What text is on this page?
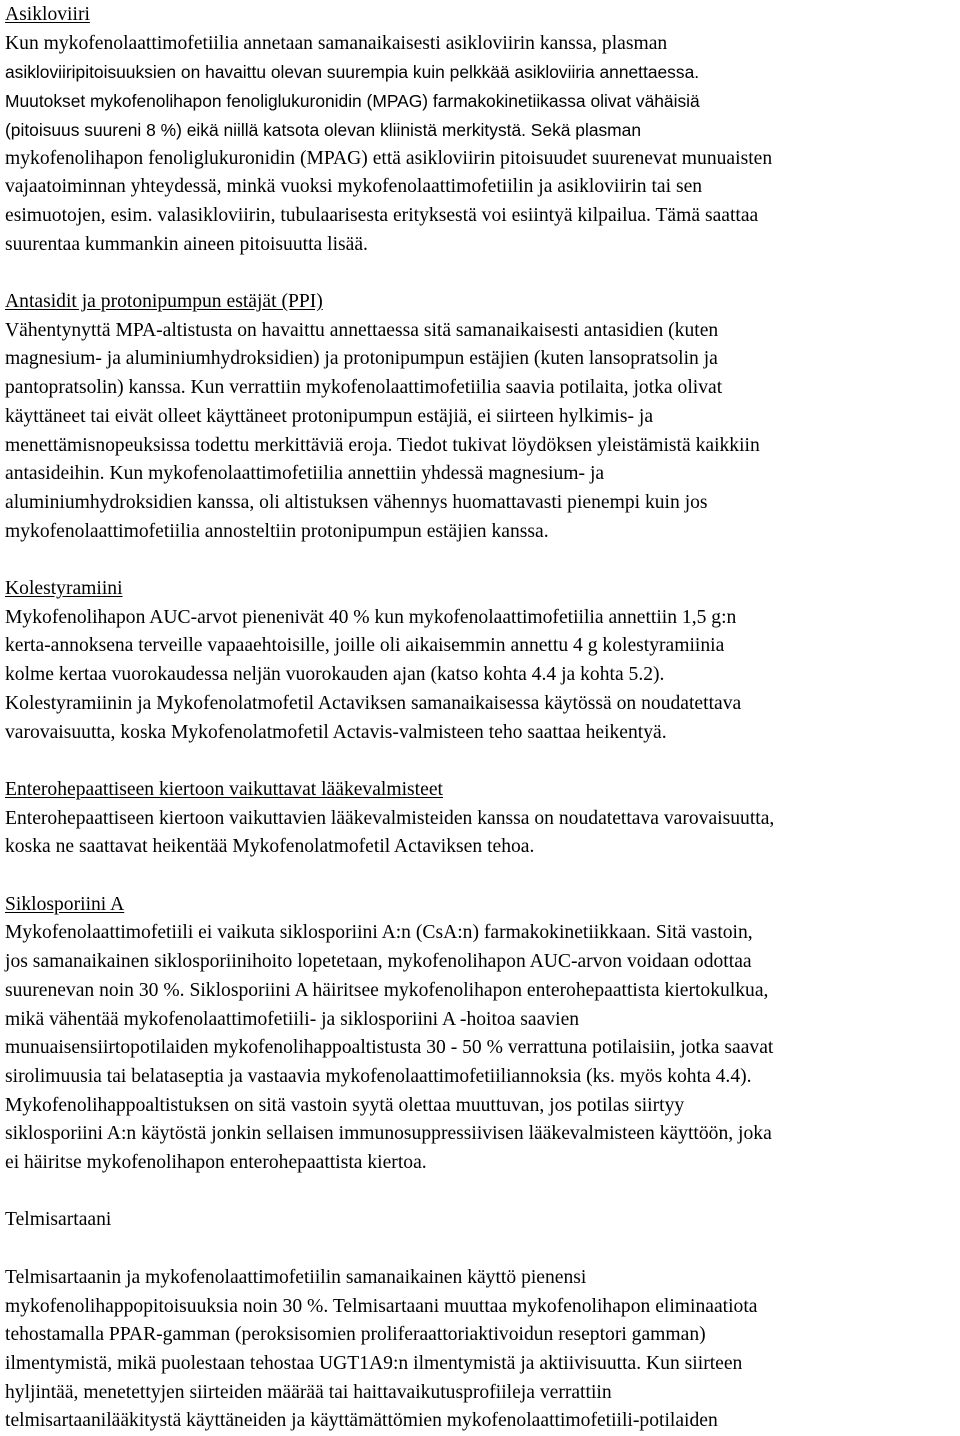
Asikloviiri
Kun mykofenolaattimofetiilia annetaan samanaikaisesti asikloviirin kanssa, plasman
asikloviiripitoisuuksien on havaittu olevan suurempia kuin pelkkää asikloviiria annettaessa.
Muutokset mykofenolihapon fenoliglukuronidin (MPAG) farmakokinetiikassa olivat vähäisiä
(pitoisuus suureni 8 %) eikä niillä katsota olevan kliinistä merkitystä. Sekä plasman
mykofenolihapon fenoliglukuronidin (MPAG) että asikloviirin pitoisuudet suurenevat munuaisten
vajaatoiminnan yhteydessä, minkä vuoksi mykofenolaattimofetiilin ja asikloviirin tai sen
esimuotojen, esim. valasikloviirin, tubulaarisesta erityksestä voi esiintyä kilpailua. Tämä saattaa
suurentaa kummankin aineen pitoisuutta lisää.
Antasidit ja protonipumpun estäjät (PPI)
Vähentynyttä MPA-altistusta on havaittu annettaessa sitä samanaikaisesti antasidien (kuten
magnesium- ja aluminiumhydroksidien) ja protonipumpun estäjien (kuten lansopratsolin ja
pantopratsolin) kanssa. Kun verrattiin mykofenolaattimofetiilia saavia potilaita, jotka olivat
käyttäneet tai eivät olleet käyttäneet protonipumpun estäjiä, ei siirteen hylkimis- ja
menettämisnopeuksissa todettu merkittäviä eroja. Tiedot tukivat löydöksen yleistämistä kaikkiin
antasideihin. Kun mykofenolaattimofetiilia annettiin yhdessä magnesium- ja
aluminiumhydroksidien kanssa, oli altistuksen vähennys huomattavasti pienempi kuin jos
mykofenolaattimofetiilia annosteltiin protonipumpun estäjien kanssa.
Kolestyramiini
Mykofenolihapon AUC-arvot pienenivät 40 % kun mykofenolaattimofetiilia annettiin 1,5 g:n
kerta-annoksena terveille vapaaehtoisille, joille oli aikaisemmin annettu 4 g kolestyramiinia
kolme kertaa vuorokaudessa neljän vuorokauden ajan (katso kohta 4.4 ja kohta 5.2).
Kolestyramiinin ja Mykofenolatmofetil Actaviksen samanaikaisessa käytössä on noudatettava
varovaisuutta, koska Mykofenolatmofetil Actavis-valmisteen teho saattaa heikentyä.
Enterohepaattiseen kiertoon vaikuttavat lääkevalmisteet
Enterohepaattiseen kiertoon vaikuttavien lääkevalmisteiden kanssa on noudatettava varovaisuutta,
koska ne saattavat heikentää Mykofenolatmofetil Actaviksen tehoa.
Siklosporiini A
Mykofenolaattimofetiili ei vaikuta siklosporiini A:n (CsA:n) farmakokinetiikkaan. Sitä vastoin,
jos samanaikainen siklosporiinihoito lopetetaan, mykofenolihapon AUC-arvon voidaan odottaa
suurenevan noin 30 %. Siklosporiini A häiritsee mykofenolihapon enterohepaattista kiertokulkua,
mikä vähentää mykofenolaattimofetiili- ja siklosporiini A -hoitoa saavien
munuaisensiirtopotilaiden mykofenolihappoaltistusta 30 - 50 % verrattuna potilaisiin, jotka saavat
sirolimuusia tai belataseptia ja vastaavia mykofenolaattimofetiiliannoksia (ks. myös kohta 4.4).
Mykofenolihappoaltistuksen on sitä vastoin syytä olettaa muuttuvan, jos potilas siirtyy
siklosporiini A:n käytöstä jonkin sellaisen immunosuppressiivisen lääkevalmisteen käyttöön, joka
ei häiritse mykofenolihapon enterohepaattista kiertoa.
Telmisartaani
Telmisartaanin ja mykofenolaattimofetiilin samanaikainen käyttö pienensi
mykofenolihappopitoisuuksia noin 30 %. Telmisartaani muuttaa mykofenolihapon eliminaatiota
tehostamalla PPAR-gamman (peroksisomien proliferaattoriaktivoidun reseptori gamman)
ilmentymistä, mikä puolestaan tehostaa UGT1A9:n ilmentymistä ja aktiivisuutta. Kun siirteen
hyljintää, menetettyjen siirteiden määrää tai haittavaikutusprofiileja verrattiin
telmisartaanilääkitystä käyttäneiden ja käyttämättömien mykofenolaattimofetiili-potilaiden
